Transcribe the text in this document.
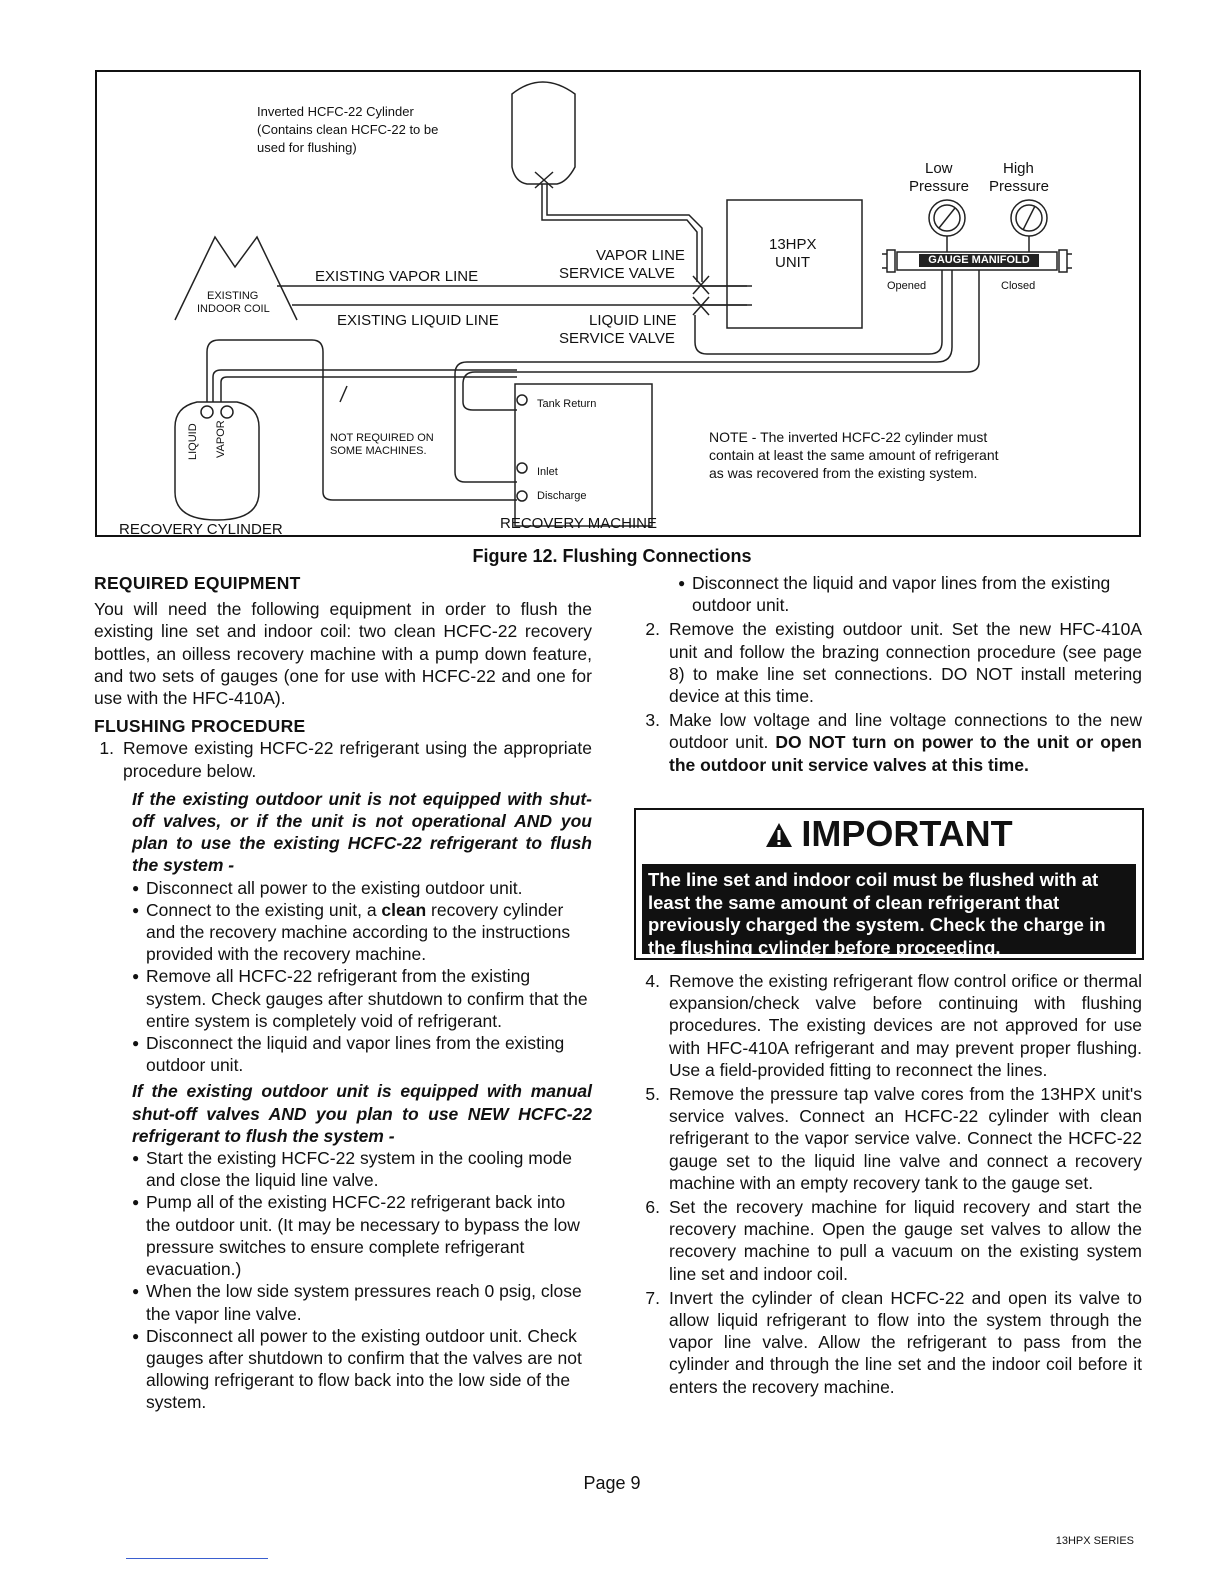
Inverted HCFC-22 Cylinder
(Contains clean HCFC-22 to be
used for flushing)
Low
Pressure
High
Pressure
13HPX
UNIT	GAUGE MANIFOLD
Opened	Closed
VAPOR LINE
SERVICE VALVE
LIQUID LINE
SERVICE VALVE
EXISTING VAPOR LINE
EXISTING LIQUID LINE
EXISTING
INDOOR COIL
Tank Return
Inlet
Discharge
NOT REQUIRED ON
SOME MACHINES.
LIQUID VAPOR	NOTE - The inverted HCFC-22 cylinder must
contain at least the same amount of refrigerant
as was recovered from the existing system.
RECOVERY CYLINDER	RECOVERY MACHINE
Figure 12. Flushing Connections

REQUIRED EQUIPMENT

You will need the following equipment in order to flush the existing line set and indoor coil: two clean HCFC-22 recovery bottles, an oilless recovery machine with a pump down feature, and two sets of gauges (one for use with HCFC-22 and one for use with the HFC-410A).

FLUSHING PROCEDURE

1. Remove existing HCFC-22 refrigerant using the appropriate procedure below.

If the existing outdoor unit is not equipped with shut-off valves, or if the unit is not operational AND you plan to use the existing HCFC-22 refrigerant to flush the system -

● Disconnect all power to the existing outdoor unit.
● Connect to the existing unit, a clean recovery cylinder and the recovery machine according to the instructions provided with the recovery machine.
● Remove all HCFC-22 refrigerant from the existing system. Check gauges after shutdown to confirm that the entire system is completely void of refrigerant.
● Disconnect the liquid and vapor lines from the existing outdoor unit.

If the existing outdoor unit is equipped with manual shut-off valves AND you plan to use NEW HCFC-22 refrigerant to flush the system -

● Start the existing HCFC-22 system in the cooling mode and close the liquid line valve.
● Pump all of the existing HCFC-22 refrigerant back into the outdoor unit. (It may be necessary to bypass the low pressure switches to ensure complete refrigerant evacuation.)
● When the low side system pressures reach 0 psig, close the vapor line valve.
● Disconnect all power to the existing outdoor unit. Check gauges after shutdown to confirm that the valves are not allowing refrigerant to flow back into the low side of the system.
● Disconnect the liquid and vapor lines from the existing outdoor unit.
2. Remove the existing outdoor unit. Set the new HFC-410A unit and follow the brazing connection procedure (see page 8) to make line set connections. DO NOT install metering device at this time.
3. Make low voltage and line voltage connections to the new outdoor unit. DO NOT turn on power to the unit or open the outdoor unit service valves at this time.
IMPORTANT
The line set and indoor coil must be flushed with at least the same amount of clean refrigerant that previously charged the system. Check the charge in the flushing cylinder before proceeding.
4. Remove the existing refrigerant flow control orifice or thermal expansion/check valve before continuing with flushing procedures. The existing devices are not approved for use with HFC-410A refrigerant and may prevent proper flushing. Use a field-provided fitting to reconnect the lines.
5. Remove the pressure tap valve cores from the 13HPX unit's service valves. Connect an HCFC-22 cylinder with clean refrigerant to the vapor service valve. Connect the HCFC-22 gauge set to the liquid line valve and connect a recovery machine with an empty recovery tank to the gauge set.
6. Set the recovery machine for liquid recovery and start the recovery machine. Open the gauge set valves to allow the recovery machine to pull a vacuum on the existing system line set and indoor coil.
7. Invert the cylinder of clean HCFC-22 and open its valve to allow liquid refrigerant to flow into the system through the vapor line valve. Allow the refrigerant to pass from the cylinder and through the line set and the indoor coil before it enters the recovery machine.
Page 9
13HPX SERIES
